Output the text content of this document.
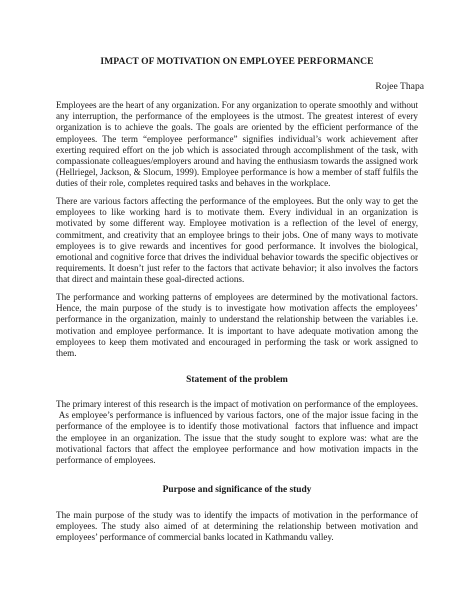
IMPACT OF MOTIVATION ON EMPLOYEE PERFORMANCE
Rojee Thapa

Employees are the heart of any organization. For any organization to operate smoothly and without any interruption, the performance of the employees is the utmost. The greatest interest of every organization is to achieve the goals. The goals are oriented by the efficient performance of the employees. The term “employee performance” signifies individual’s work achievement after exerting required effort on the job which is associated through accomplishment of the task, with compassionate colleagues/employers around and having the enthusiasm towards the assigned work (Hellriegel, Jackson, & Slocum, 1999). Employee performance is how a member of staff fulfils the duties of their role, completes required tasks and behaves in the workplace.

There are various factors affecting the performance of the employees. But the only way to get the employees to like working hard is to motivate them. Every individual in an organization is motivated by some different way. Employee motivation is a reflection of the level of energy, commitment, and creativity that an employee brings to their jobs. One of many ways to motivate employees is to give rewards and incentives for good performance. It involves the biological, emotional and cognitive force that drives the individual behavior towards the specific objectives or requirements. It doesn’t just refer to the factors that activate behavior; it also involves the factors that direct and maintain these goal-directed actions.

The performance and working patterns of employees are determined by the motivational factors. Hence, the main purpose of the study is to investigate how motivation affects the employees’ performance in the organization, mainly to understand the relationship between the variables i.e. motivation and employee performance. It is important to have adequate motivation among the employees to keep them motivated and encouraged in performing the task or work assigned to them.

Statement of the problem

The primary interest of this research is the impact of motivation on performance of the employees.  As employee’s performance is influenced by various factors, one of the major issue facing in the performance of the employee is to identify those motivational  factors that influence and impact the employee in an organization. The issue that the study sought to explore was: what are the motivational factors that affect the employee performance and how motivation impacts in the performance of employees.

Purpose and significance of the study

The main purpose of the study was to identify the impacts of motivation in the performance of employees. The study also aimed of at determining the relationship between motivation and employees’ performance of commercial banks located in Kathmandu valley.
